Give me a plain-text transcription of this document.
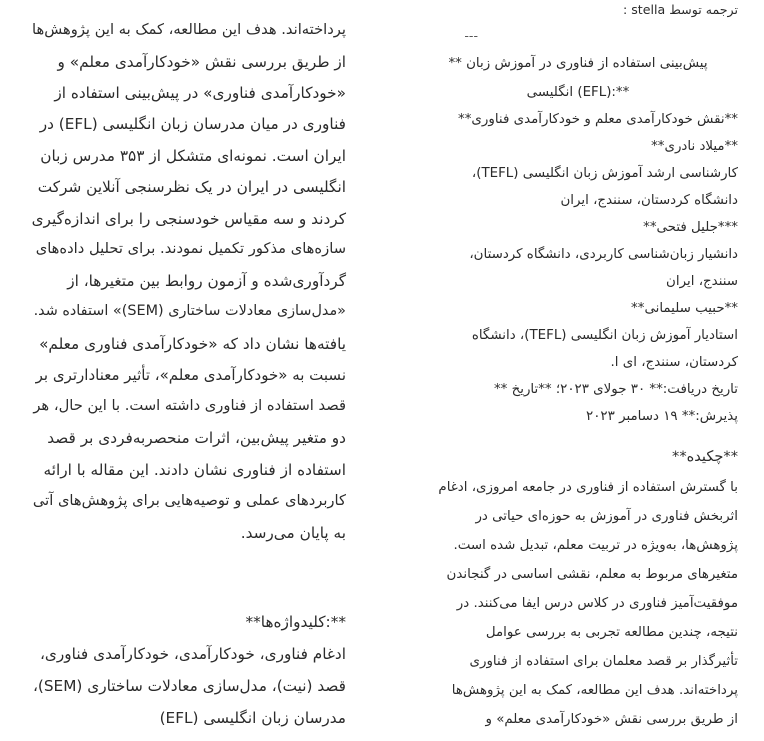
ترجمه توسط stella :

---

پیش‌بینی استفاده از فناوری در آموزش زبان **

**:(EFL) انگلیسی

**نقش خودکارآمدی معلم و خودکارآمدی فناوری**

**میلاد نادری**

کارشناسی ارشد آموزش زبان انگلیسی (TEFL)،

دانشگاه کردستان، سنندج، ایران

***جلیل فتحی**

دانشیار زبان‌شناسی کاربردی، دانشگاه کردستان،

سنندج، ایران

**حبیب سلیمانی**

استادیار آموزش زبان انگلیسی (TEFL)، دانشگاه

کردستان، سنندج، ای ا.

تاریخ دریافت:** ۳۰ جولای ۲۰۲۳؛ **تاریخ **

پذیرش:** ۱۹ دسامبر ۲۰۲۳

**چکیده**

با گسترش استفاده از فناوری در جامعه امروزی، ادغام

اثربخش فناوری در آموزش به حوزه‌ای حیاتی در

پژوهش‌ها، به‌ویژه در تربیت معلم، تبدیل شده است.

متغیرهای مربوط به معلم، نقشی اساسی در گنجاندن

موفقیت‌آمیز فناوری در کلاس درس ایفا می‌کنند. در

نتیجه، چندین مطالعه تجربی به بررسی عوامل

تأثیرگذار بر قصد معلمان برای استفاده از فناوری

پرداخته‌اند. هدف این مطالعه، کمک به این پژوهش‌ها

از طریق بررسی نقش «خودکارآمدی معلم» و

پرداخته‌اند. هدف این مطالعه، کمک به این پژوهش‌ها

از طریق بررسی نقش «خودکارآمدی معلم» و

«خودکارآمدی فناوری» در پیش‌بینی استفاده از

فناوری در میان مدرسان زبان انگلیسی (EFL) در

ایران است. نمونه‌ای متشکل از ۳۵۳ مدرس زبان

انگلیسی در ایران در یک نظرسنجی آنلاین شرکت

کردند و سه مقیاس خودسنجی را برای اندازه‌گیری

سازه‌های مذکور تکمیل نمودند. برای تحلیل داده‌های

گردآوری‌شده و آزمون روابط بین متغیرها، از

«مدل‌سازی معادلات ساختاری (SEM)» استفاده شد.

یافته‌ها نشان داد که «خودکارآمدی فناوری معلم»

نسبت به «خودکارآمدی معلم»، تأثیر معنادارتری بر

قصد استفاده از فناوری داشته است. با این حال، هر

دو متغیر پیش‌بین، اثرات منحصربه‌فردی بر قصد

استفاده از فناوری نشان دادند. این مقاله با ارائه

کاربردهای عملی و توصیه‌هایی برای پژوهش‌های آتی

به پایان می‌رسد.

**:کلیدواژه‌ها**

ادغام فناوری، خودکارآمدی، خودکارآمدی فناوری،

قصد (نیت)، مدل‌سازی معادلات ساختاری (SEM)،

مدرسان زبان انگلیسی (EFL)
